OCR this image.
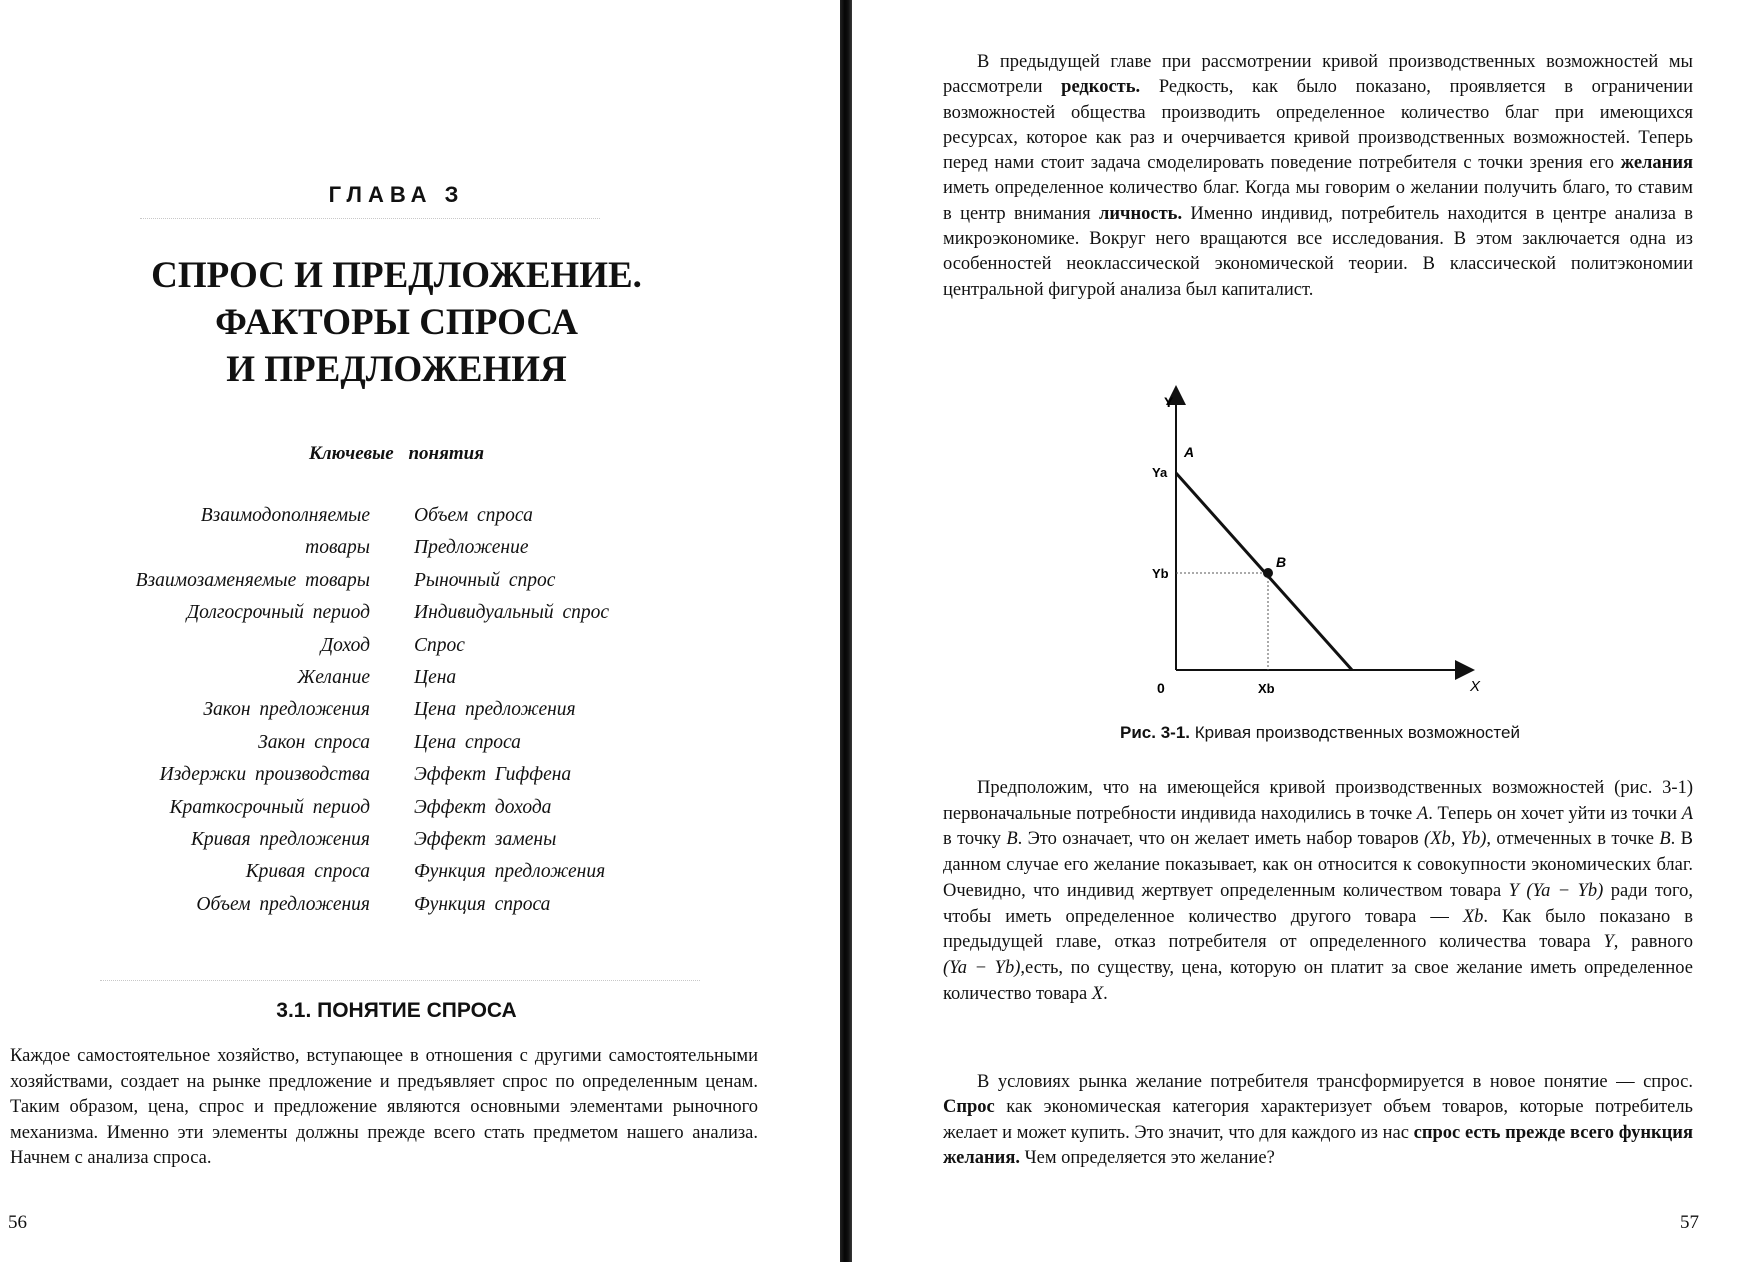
ГЛАВА З
СПРОС И ПРЕДЛОЖЕНИЕ.
ФАКТОРЫ СПРОСА
И ПРЕДЛОЖЕНИЯ
Ключевые понятия
Взаимодополняемые
товары
Взаимозаменяемые товары
Долгосрочный период
Доход
Желание
Закон предложения
Закон спроса
Издержки производства
Краткосрочный период
Кривая предложения
Кривая спроса
Объем предложения
Объем спроса
Предложение
Рыночный спрос
Индивидуальный спрос
Спрос
Цена
Цена предложения
Цена спроса
Эффект Гиффена
Эффект дохода
Эффект замены
Функция предложения
Функция спроса
3.1. ПОНЯТИЕ СПРОСА
Каждое самостоятельное хозяйство, вступающее в отношения с другими самостоятельными хозяйствами, создает на рынке предложение и предъявляет спрос по определенным ценам. Таким образом, цена, спрос и предложение являются основными элементами рыночного механизма. Именно эти элементы должны прежде всего стать предметом нашего анализа. Начнем с анализа спроса.
56
В предыдущей главе при рассмотрении кривой производственных возможностей мы рассмотрели редкость. Редкость, как было показано, проявляется в ограничении возможностей общества производить определенное количество благ при имеющихся ресурсах, которое как раз и очерчивается кривой производственных возможностей. Теперь перед нами стоит задача смоделировать поведение потребителя с точки зрения его желания иметь определенное количество благ. Когда мы говорим о желании получить благо, то ставим в центр внимания личность. Именно индивид, потребитель находится в центре анализа в микроэкономике. Вокруг него вращаются все исследования. В этом заключается одна из особенностей неоклассической экономической теории. В классической политэкономии центральной фигурой анализа был капиталист.
Y
X
0
Ya
Yb
Xb
A
B
Рис. 3-1. Кривая производственных возможностей
Предположим, что на имеющейся кривой производственных возможностей (рис. 3-1) первоначальные потребности индивида находились в точке A. Теперь он хочет уйти из точки A в точку B. Это означает, что он желает иметь набор товаров (Xb, Yb), отмеченных в точке B. В данном случае его желание показывает, как он относится к совокупности экономических благ. Очевидно, что индивид жертвует определенным количеством товара Y (Ya − Yb) ради того, чтобы иметь определенное количество другого товара — Xb. Как было показано в предыдущей главе, отказ потребителя от определенного количества товара Y, равного (Ya − Yb),есть, по существу, цена, которую он платит за свое желание иметь определенное количество товара Х.
В условиях рынка желание потребителя трансформируется в новое понятие — спрос. Спрос как экономическая категория характеризует объем товаров, которые потребитель желает и может купить. Это значит, что для каждого из нас спрос есть прежде всего функция желания. Чем определяется это желание?
57
